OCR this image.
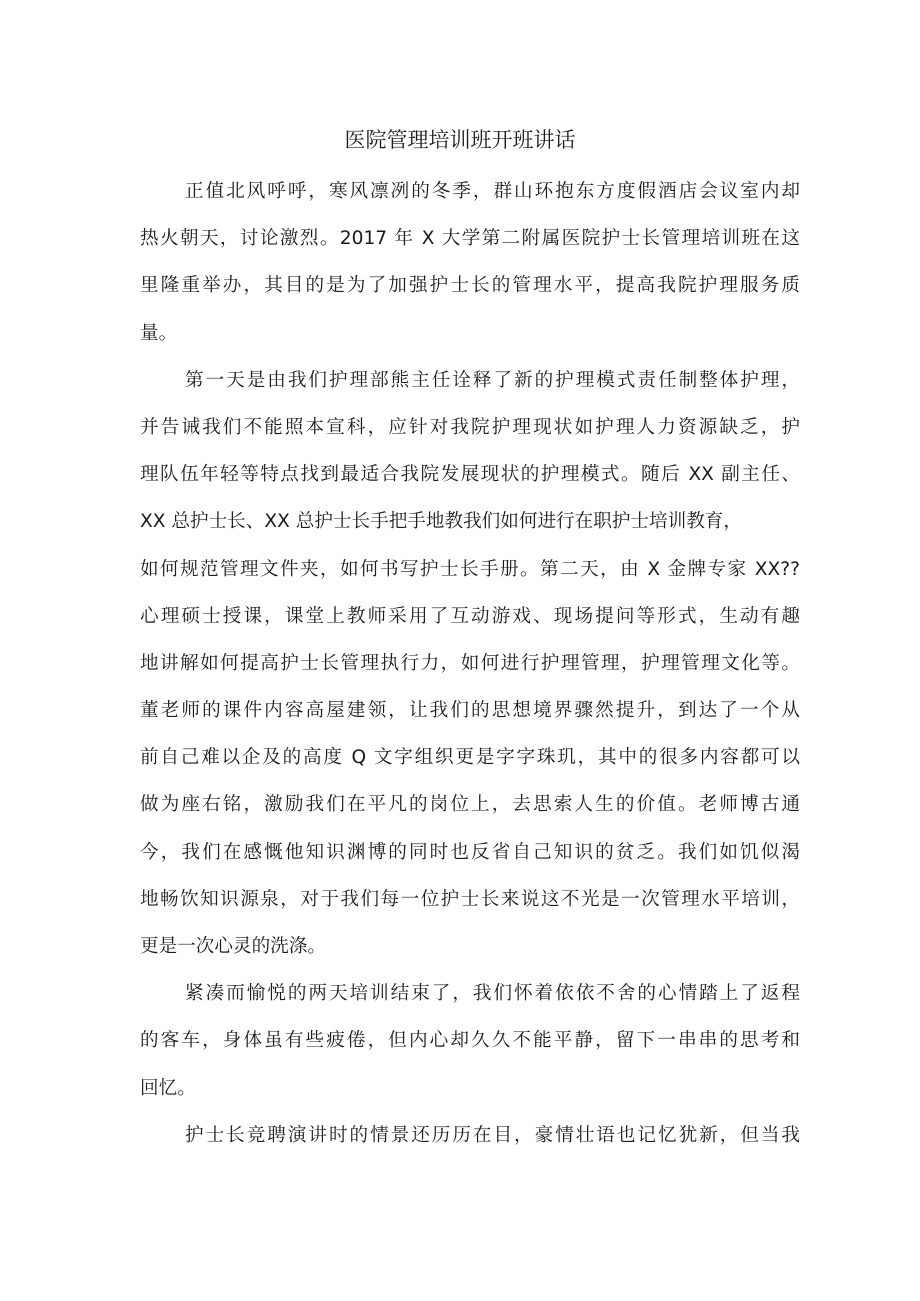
医院管理培训班开班讲话
正值北风呼呼，寒风凛冽的冬季，群山环抱东方度假酒店会议室内却
热火朝天，讨论激烈。2017 年 X 大学第二附属医院护士长管理培训班在这
里隆重举办，其目的是为了加强护士长的管理水平，提高我院护理服务质
量。
第一天是由我们护理部熊主任诠释了新的护理模式责任制整体护理，
并告诫我们不能照本宣科，应针对我院护理现状如护理人力资源缺乏，护
理队伍年轻等特点找到最适合我院发展现状的护理模式。随后 XX 副主任、
XX 总护士长、XX 总护士长手把手地教我们如何进行在职护士培训教育，
如何规范管理文件夹，如何书写护士长手册。第二天，由 X 金牌专家 XX??
心理硕士授课，课堂上教师采用了互动游戏、现场提问等形式，生动有趣
地讲解如何提高护士长管理执行力，如何进行护理管理，护理管理文化等。
董老师的课件内容高屋建领，让我们的思想境界骤然提升，到达了一个从
前自己难以企及的高度 Q 文字组织更是字字珠玑，其中的很多内容都可以
做为座右铭，激励我们在平凡的岗位上，去思索人生的价值。老师博古通
今，我们在感慨他知识渊博的同时也反省自己知识的贫乏。我们如饥似渴
地畅饮知识源泉，对于我们每一位护士长来说这不光是一次管理水平培训，
更是一次心灵的洗涤。
紧凑而愉悦的两天培训结束了，我们怀着依依不舍的心情踏上了返程
的客车，身体虽有些疲倦，但内心却久久不能平静，留下一串串的思考和
回忆。
护士长竞聘演讲时的情景还历历在目，豪情壮语也记忆犹新，但当我
